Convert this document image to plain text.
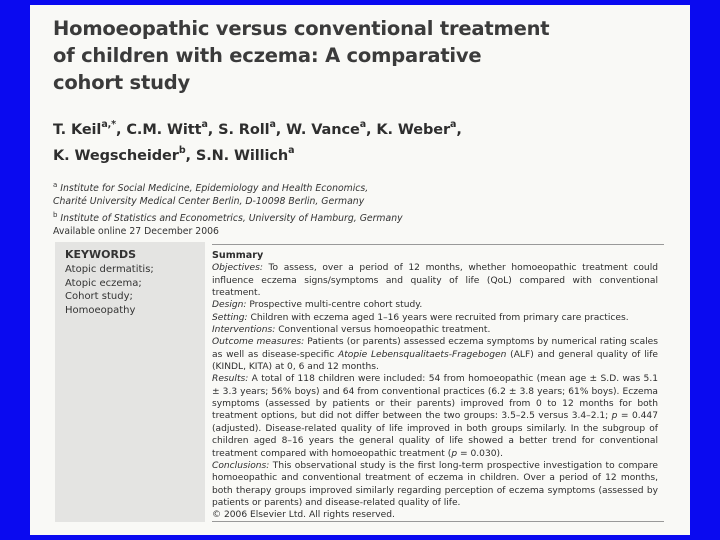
Homoeopathic versus conventional treatment
of children with eczema: A comparative
cohort study
T. Keil$^{a,*}$, C.M. Witt$^a$, S. Roll$^a$, W. Vance$^a$, K. Weber$^a$,
K. Wegscheider$^b$, S.N. Willich$^a$
$^a$ Institute for Social Medicine, Epidemiology and Health Economics,
Charité University Medical Center Berlin, D-10098 Berlin, Germany
$^b$ Institute of Statistics and Econometrics, University of Hamburg, Germany
Available online 27 December 2006
KEYWORDS
Atopic dermatitis;
Atopic eczema;
Cohort study;
Homoeopathy
Summary

Objectives: To assess, over a period of 12 months, whether homoeopathic treatment could influence eczema signs/symptoms and quality of life (QoL) compared with conventional treatment.

Design: Prospective multi-centre cohort study.

Setting: Children with eczema aged 1–16 years were recruited from primary care practices.

Interventions: Conventional versus homoeopathic treatment.

Outcome measures: Patients (or parents) assessed eczema symptoms by numerical rating scales as well as disease-specific Atopie Lebensqualitaets-Fragebogen (ALF) and general quality of life (KINDL, KITA) at 0, 6 and 12 months.

Results: A total of 118 children were included: 54 from homoeopathic (mean age ± S.D. was 5.1 ± 3.3 years; 56% boys) and 64 from conventional practices (6.2 ± 3.8 years; 61% boys). Eczema symptoms (assessed by patients or their parents) improved from 0 to 12 months for both treatment options, but did not differ between the two groups: 3.5–2.5 versus 3.4–2.1; p = 0.447 (adjusted). Disease-related quality of life improved in both groups similarly. In the subgroup of children aged 8–16 years the general quality of life showed a better trend for conventional treatment compared with homoeopathic treatment (p = 0.030).

Conclusions: This observational study is the first long-term prospective investigation to compare homoeopathic and conventional treatment of eczema in children. Over a period of 12 months, both therapy groups improved similarly regarding perception of eczema symptoms (assessed by patients or parents) and disease-related quality of life.

© 2006 Elsevier Ltd. All rights reserved.
